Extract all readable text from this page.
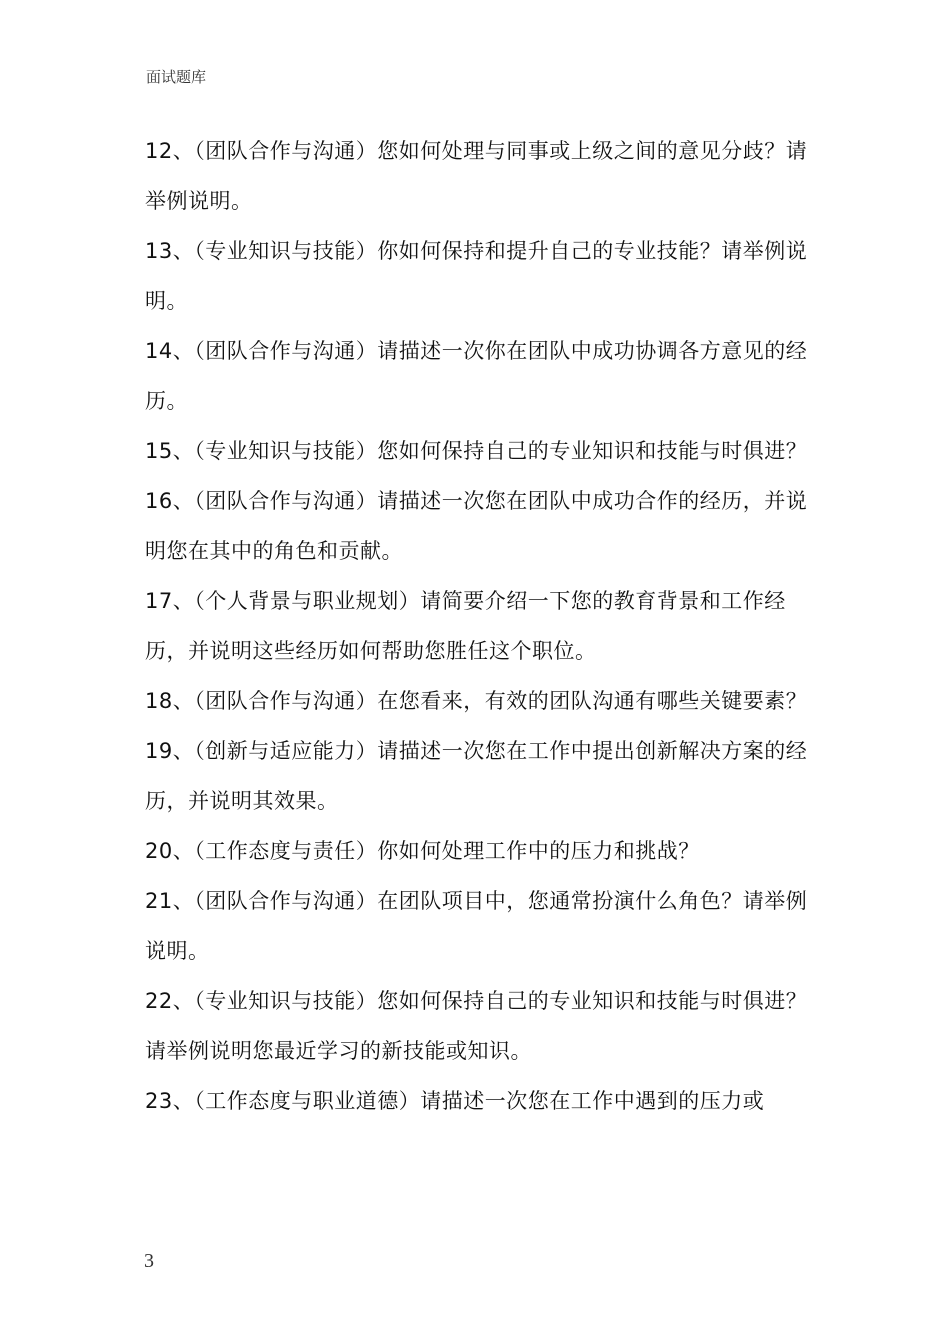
面试题库
12、（团队合作与沟通）您如何处理与同事或上级之间的意见分歧？请举例说明。
13、（专业知识与技能）你如何保持和提升自己的专业技能？请举例说明。
14、（团队合作与沟通）请描述一次你在团队中成功协调各方意见的经历。
15、（专业知识与技能）您如何保持自己的专业知识和技能与时俱进？
16、（团队合作与沟通）请描述一次您在团队中成功合作的经历，并说明您在其中的角色和贡献。
17、（个人背景与职业规划）请简要介绍一下您的教育背景和工作经历，并说明这些经历如何帮助您胜任这个职位。
18、（团队合作与沟通）在您看来，有效的团队沟通有哪些关键要素？
19、（创新与适应能力）请描述一次您在工作中提出创新解决方案的经历，并说明其效果。
20、（工作态度与责任）你如何处理工作中的压力和挑战？
21、（团队合作与沟通）在团队项目中，您通常扮演什么角色？请举例说明。
22、（专业知识与技能）您如何保持自己的专业知识和技能与时俱进？请举例说明您最近学习的新技能或知识。
23、（工作态度与职业道德）请描述一次您在工作中遇到的压力或
3
